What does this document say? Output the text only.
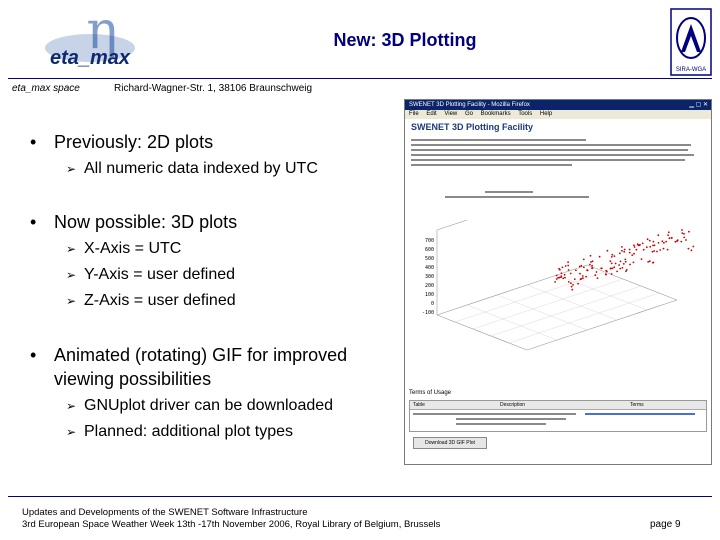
η
eta_max
New: 3D Plotting
SIRA-WGA
eta_max space	Richard-Wagner-Str. 1, 38106 Braunschweig
• Previously: 2D plots
➢ All numeric data indexed by UTC
• Now possible: 3D plots
➢ X-Axis = UTC
➢ Y-Axis = user defined
➢ Z-Axis = user defined
• Animated (rotating) GIF for improved
viewing possibilities
➢ GNUplot driver can be downloaded
➢ Planned: additional plot types
SWENET 3D Plotting Facility - Mozilla Firefox	▁ ▢ ✕
File Edit View Go Bookmarks Tools Help
SWENET 3D Plotting Facility
700
600
500
400
300
200
100
0
-100
Terms of Usage
Table	Description	Terms
Download 3D GIF Plot
Updates and Developments of the SWENET Software Infrastructure
3rd European Space Weather Week 13th -17th November 2006, Royal Library of Belgium, Brussels	page 9
